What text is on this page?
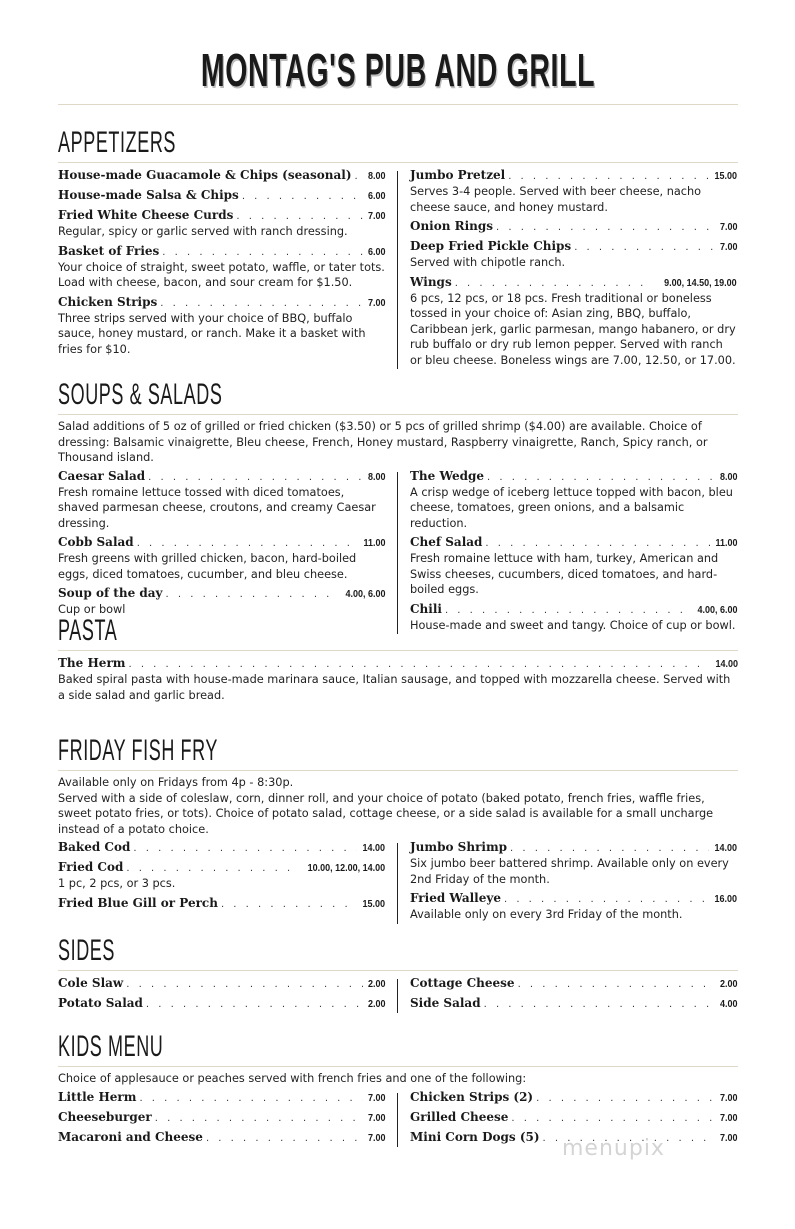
MONTAG'S PUB AND GRILL
APPETIZERS
House-made Guacamole & Chips (seasonal) . . . 8.00
House-made Salsa & Chips . . .	6.00
Fried White Cheese Curds . . .	7.00
Regular, spicy or garlic served with ranch dressing.
Basket of Fries . . .	6.00
Your choice of straight, sweet potato, waffle, or tater tots. Load with cheese, bacon, and sour cream for $1.50.
Chicken Strips . . .	7.00
Three strips served with your choice of BBQ, buffalo sauce, honey mustard, or ranch. Make it a basket with fries for $10.
Jumbo Pretzel . . .	15.00
Serves 3-4 people. Served with beer cheese, nacho cheese sauce, and honey mustard.
Onion Rings . . .	7.00
Deep Fried Pickle Chips . . .	7.00
Served with chipotle ranch.
Wings . . .	9.00, 14.50, 19.00
6 pcs, 12 pcs, or 18 pcs. Fresh traditional or boneless tossed in your choice of: Asian zing, BBQ, buffalo, Caribbean jerk, garlic parmesan, mango habanero, or dry rub buffalo or dry rub lemon pepper. Served with ranch or bleu cheese. Boneless wings are 7.00, 12.50, or 17.00.
SOUPS & SALADS
Salad additions of 5 oz of grilled or fried chicken ($3.50) or 5 pcs of grilled shrimp ($4.00) are available. Choice of dressing: Balsamic vinaigrette, Bleu cheese, French, Honey mustard, Raspberry vinaigrette, Ranch, Spicy ranch, or Thousand island.
Caesar Salad . . .	8.00
Fresh romaine lettuce tossed with diced tomatoes, shaved parmesan cheese, croutons, and creamy Caesar dressing.
Cobb Salad . . .	11.00
Fresh greens with grilled chicken, bacon, hard-boiled eggs, diced tomatoes, cucumber, and bleu cheese.
Soup of the day . . .	4.00, 6.00
Cup or bowl
The Wedge . . .	8.00
A crisp wedge of iceberg lettuce topped with bacon, bleu cheese, tomatoes, green onions, and a balsamic reduction.
Chef Salad . . .	11.00
Fresh romaine lettuce with ham, turkey, American and Swiss cheeses, cucumbers, diced tomatoes, and hard-boiled eggs.
Chili . . .	4.00, 6.00
House-made and sweet and tangy. Choice of cup or bowl.
PASTA
The Herm . . .	14.00
Baked spiral pasta with house-made marinara sauce, Italian sausage, and topped with mozzarella cheese. Served with a side salad and garlic bread.
FRIDAY FISH FRY
Available only on Fridays from 4p - 8:30p.
Served with a side of coleslaw, corn, dinner roll, and your choice of potato (baked potato, french fries, waffle fries, sweet potato fries, or tots). Choice of potato salad, cottage cheese, or a side salad is available for a small uncharge instead of a potato choice.
Baked Cod . . .	14.00
Fried Cod . . .	10.00, 12.00, 14.00
1 pc, 2 pcs, or 3 pcs.
Fried Blue Gill or Perch . . .	15.00
Jumbo Shrimp . . .	14.00
Six jumbo beer battered shrimp. Available only on every 2nd Friday of the month.
Fried Walleye . . .	16.00
Available only on every 3rd Friday of the month.
SIDES
Cole Slaw . . .	2.00
Potato Salad . . .	2.00
Cottage Cheese . . .	2.00
Side Salad . . .	4.00
KIDS MENU
Choice of applesauce or peaches served with french fries and one of the following:
Little Herm . . .	7.00
Cheeseburger . . .	7.00
Macaroni and Cheese . . .	7.00
Chicken Strips (2) . . .	7.00
Grilled Cheese . . .	7.00
Mini Corn Dogs (5) . . .	7.00
menupix
